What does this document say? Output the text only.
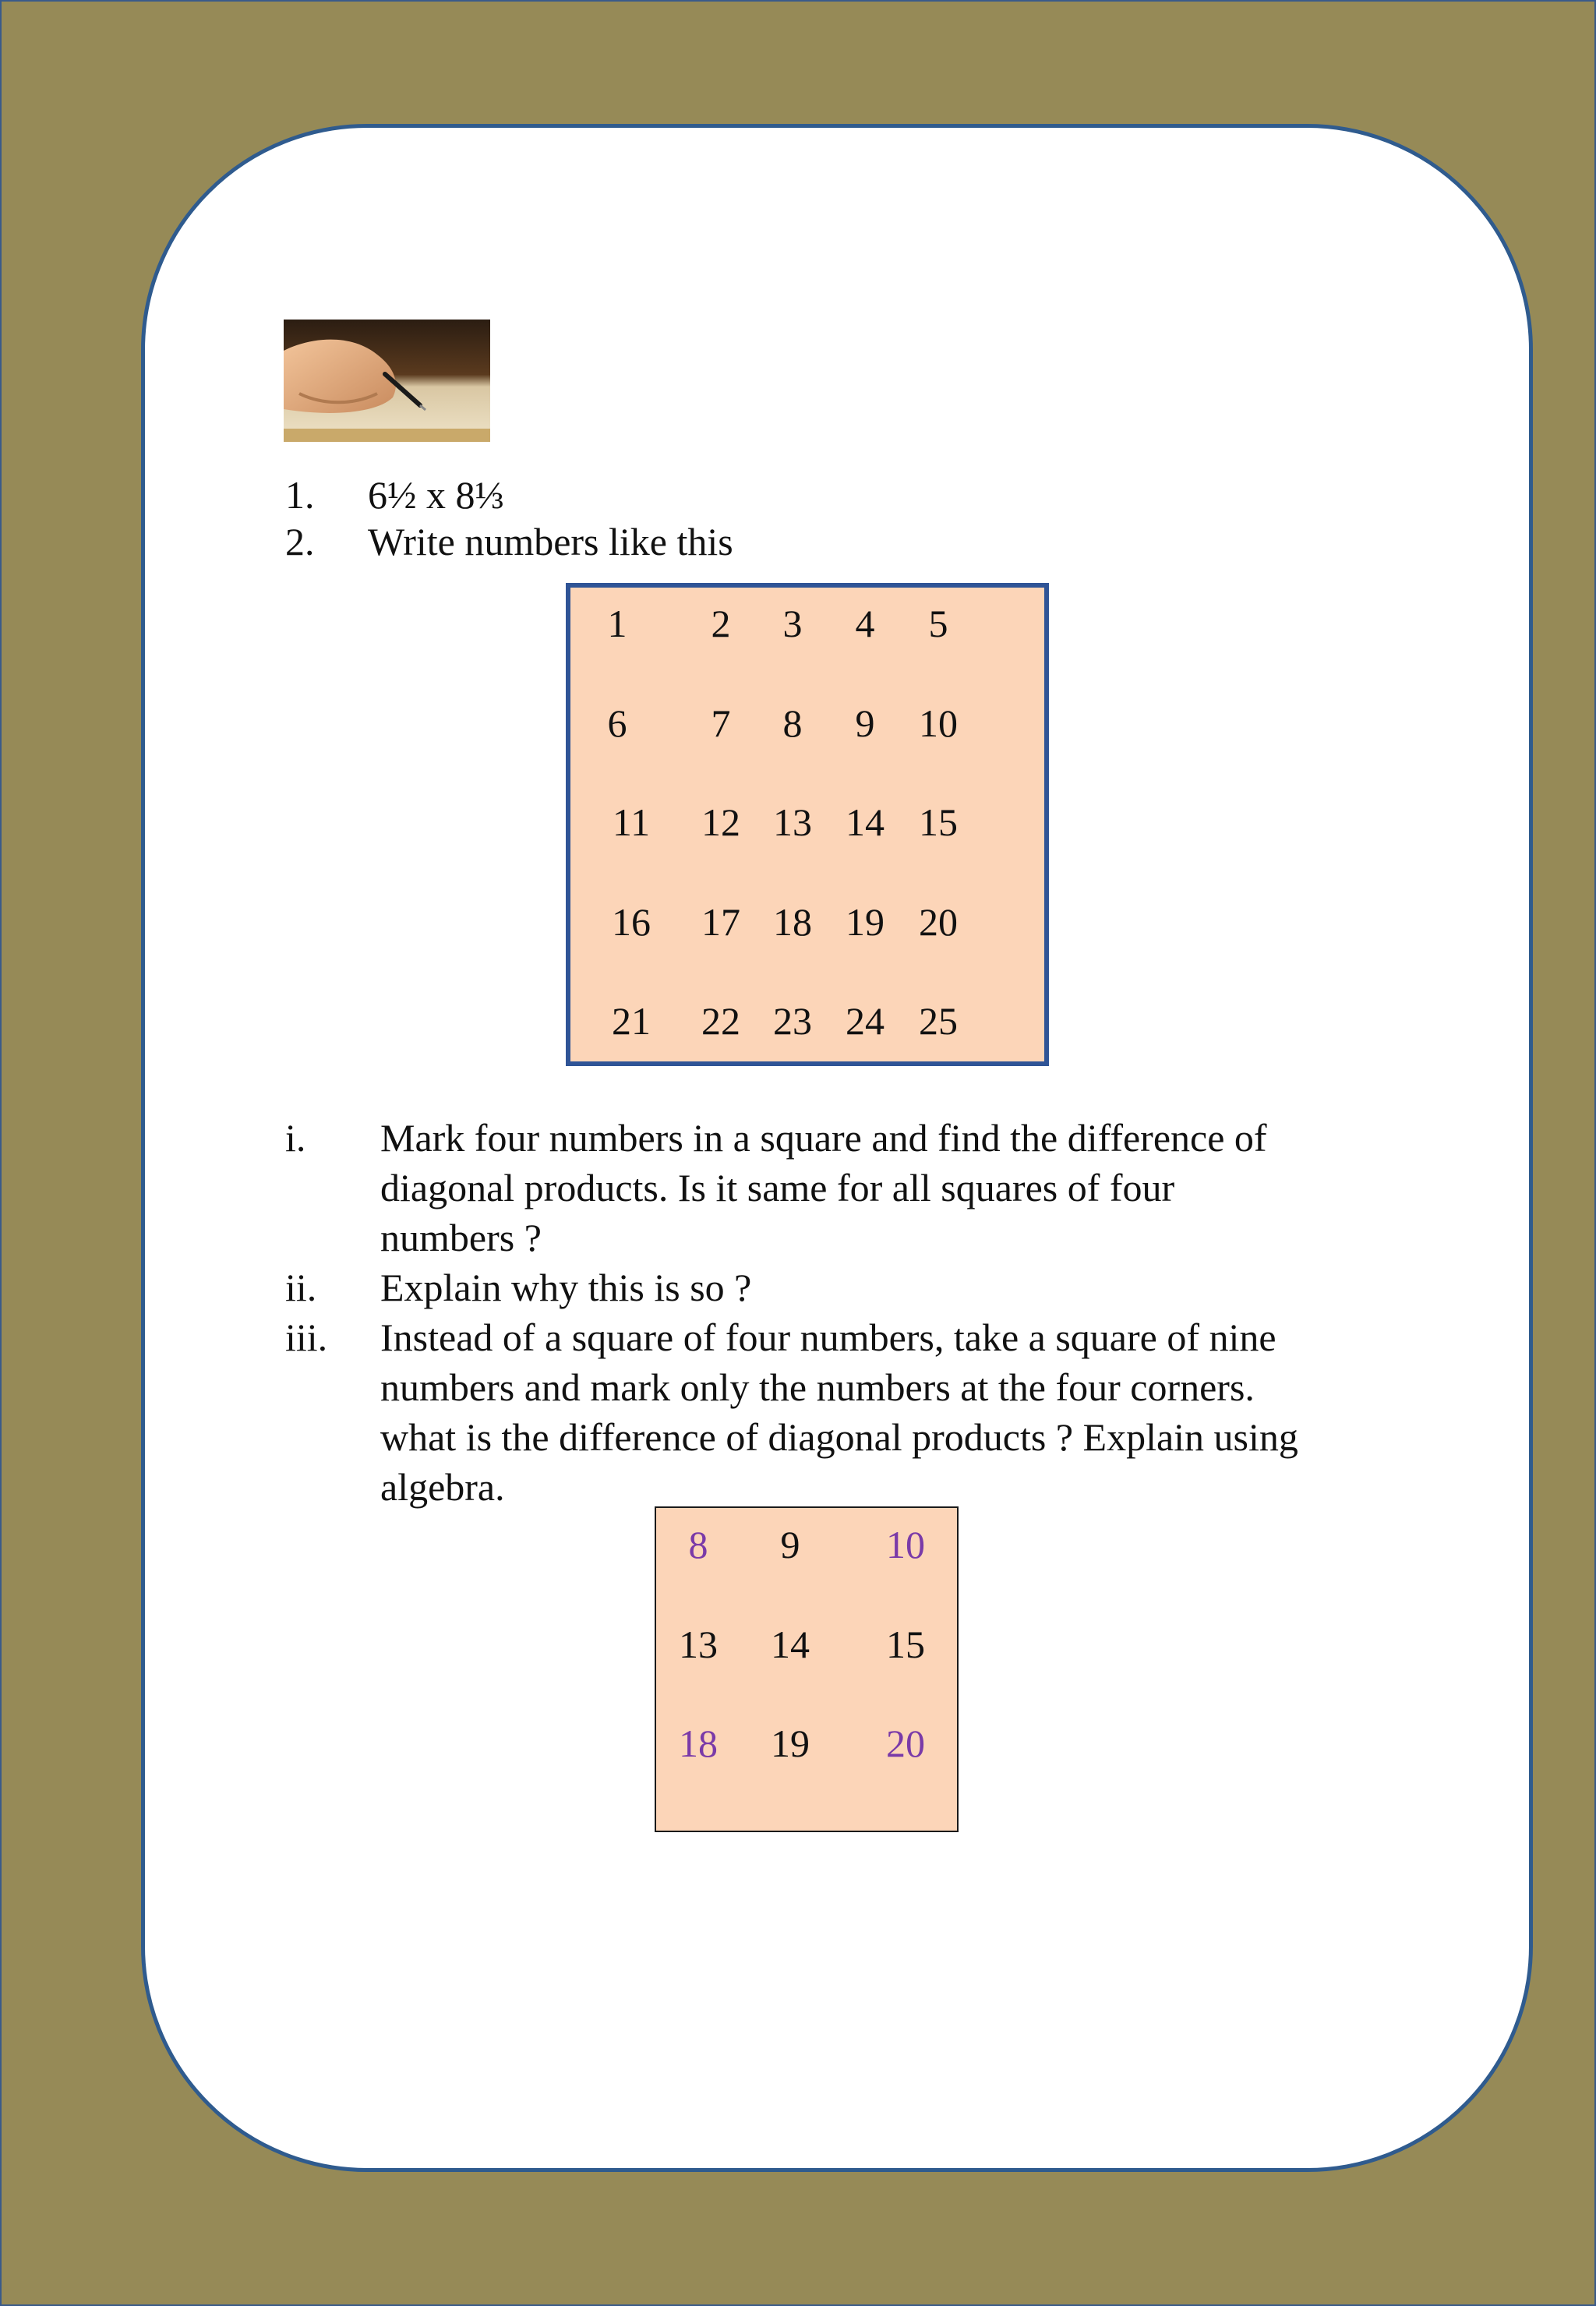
1. 6½ x 8⅓
2. Write numbers like this
1	2	3	4	5
6	7	8	9	10
11	12 13 14 15
16	17 18 19 20
21	22 23 24 25
i. Mark four numbers in a square and find the difference of
diagonal products. Is it same for all squares of four
numbers ?
ii. Explain why this is so ?
iii. Instead of a square of four numbers, take a square of nine
numbers and mark only the numbers at the four corners.
what is the difference of diagonal products ? Explain using
algebra.
8	9	10
13	14	15
18	19	20
